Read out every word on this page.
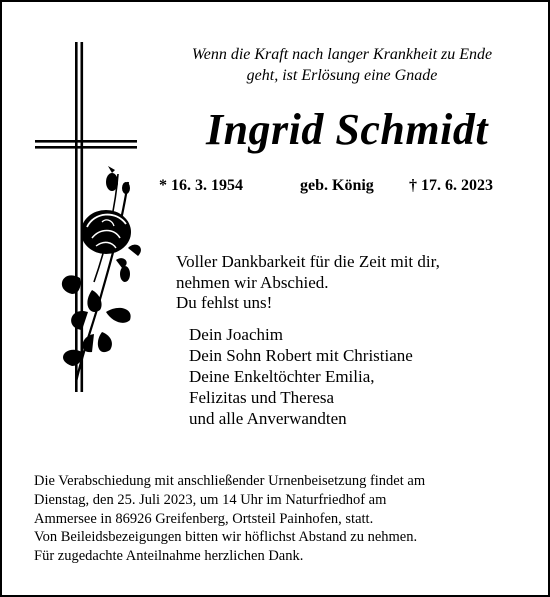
Wenn die Kraft nach langer Krankheit zu Ende
geht, ist Erlösung eine Gnade
Ingrid Schmidt
* 16. 3. 1954	geb. König † 17. 6. 2023
Voller Dankbarkeit für die Zeit mit dir,
nehmen wir Abschied.
Du fehlst uns!
Dein Joachim
Dein Sohn Robert mit Christiane
Deine Enkeltöchter Emilia,
Felizitas und Theresa
und alle Anverwandten
Die Verabschiedung mit anschließender Urnenbeisetzung findet am
Dienstag, den 25. Juli 2023, um 14 Uhr im Naturfriedhof am
Ammersee in 86926 Greifenberg, Ortsteil Painhofen, statt.
Von Beileidsbezeigungen bitten wir höflichst Abstand zu nehmen.
Für zugedachte Anteilnahme herzlichen Dank.
